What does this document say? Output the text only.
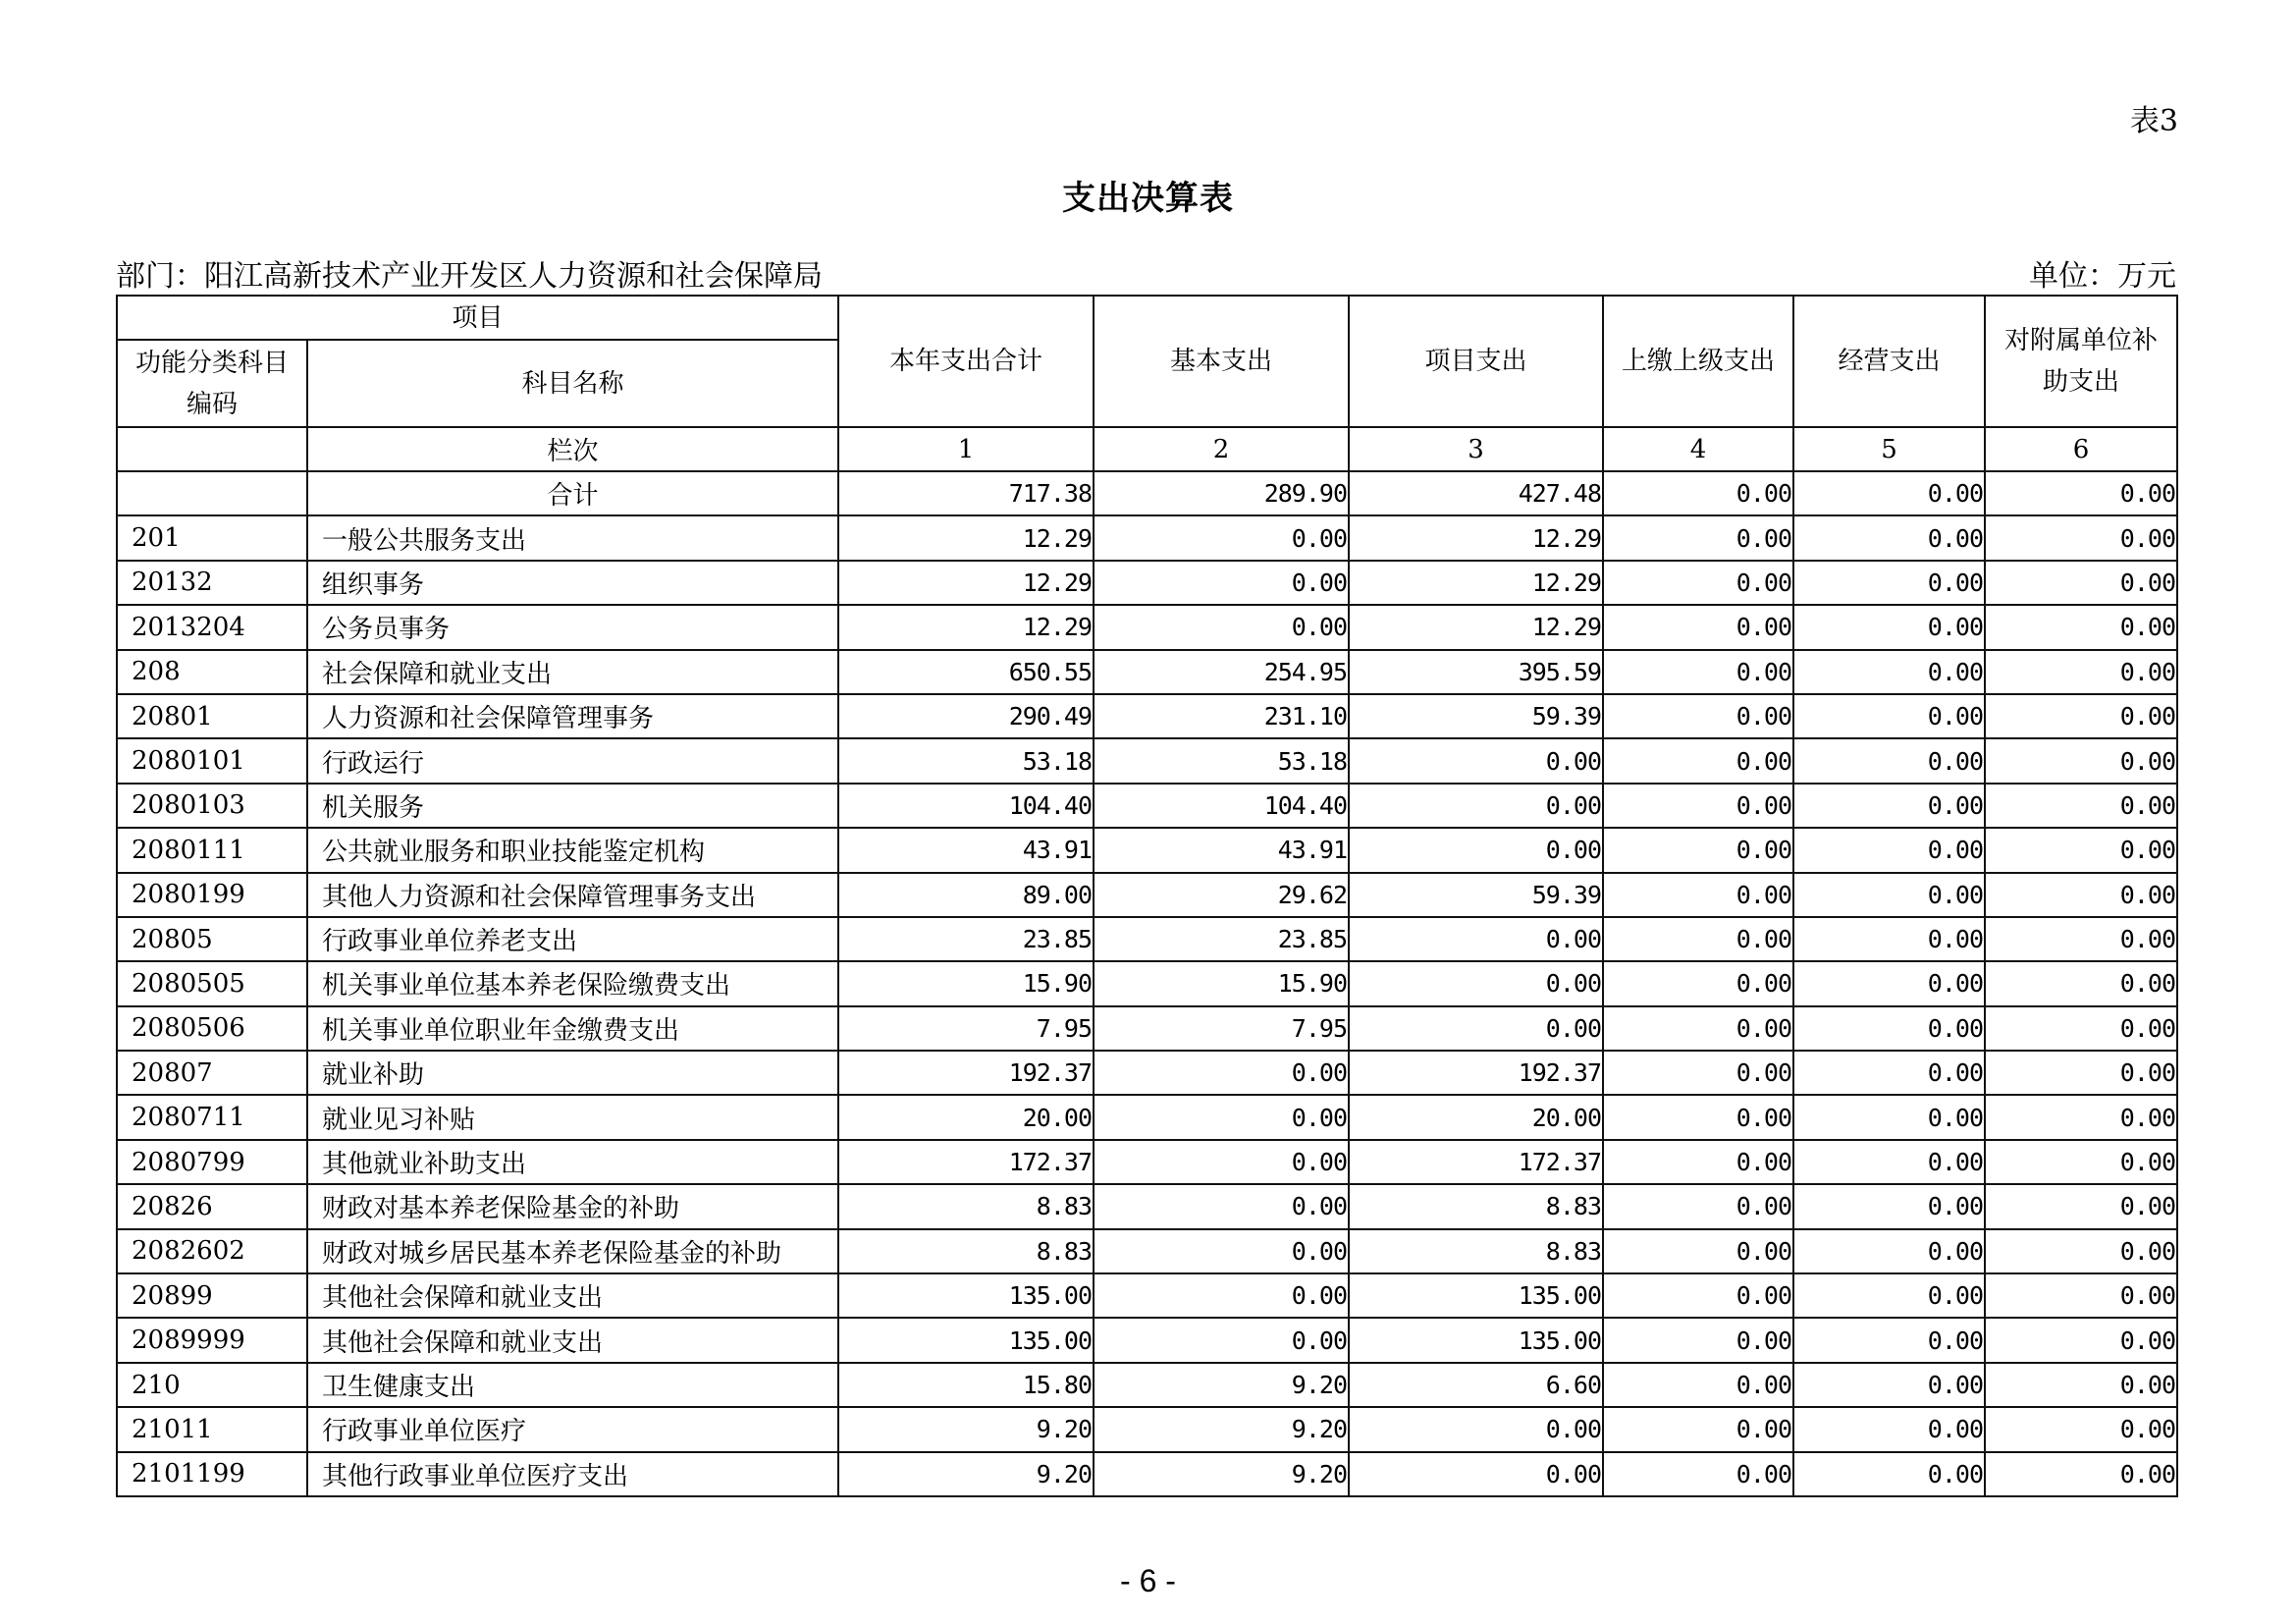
表3
支出决算表
部门：阳江高新技术产业开发区人力资源和社会保障局	单位：万元
项目		本年支出合计	基本支出	项目支出	上缴上级支出	经营支出	对附属单位补助支出
功能分类科目编码	科目名称						
	栏次	1	2	3	4	5	6
	合计	717.38	289.90	427.48	0.00	0.00	0.00
201	一般公共服务支出	12.29	0.00	12.29	0.00	0.00	0.00
20132	组织事务	12.29	0.00	12.29	0.00	0.00	0.00
2013204	公务员事务	12.29	0.00	12.29	0.00	0.00	0.00
208	社会保障和就业支出	650.55	254.95	395.59	0.00	0.00	0.00
20801	人力资源和社会保障管理事务	290.49	231.10	59.39	0.00	0.00	0.00
2080101	行政运行	53.18	53.18	0.00	0.00	0.00	0.00
2080103	机关服务	104.40	104.40	0.00	0.00	0.00	0.00
2080111	公共就业服务和职业技能鉴定机构	43.91	43.91	0.00	0.00	0.00	0.00
2080199	其他人力资源和社会保障管理事务支出	89.00	29.62	59.39	0.00	0.00	0.00
20805	行政事业单位养老支出	23.85	23.85	0.00	0.00	0.00	0.00
2080505	机关事业单位基本养老保险缴费支出	15.90	15.90	0.00	0.00	0.00	0.00
2080506	机关事业单位职业年金缴费支出	7.95	7.95	0.00	0.00	0.00	0.00
20807	就业补助	192.37	0.00	192.37	0.00	0.00	0.00
2080711	就业见习补贴	20.00	0.00	20.00	0.00	0.00	0.00
2080799	其他就业补助支出	172.37	0.00	172.37	0.00	0.00	0.00
20826	财政对基本养老保险基金的补助	8.83	0.00	8.83	0.00	0.00	0.00
2082602	财政对城乡居民基本养老保险基金的补助	8.83	0.00	8.83	0.00	0.00	0.00
20899	其他社会保障和就业支出	135.00	0.00	135.00	0.00	0.00	0.00
2089999	其他社会保障和就业支出	135.00	0.00	135.00	0.00	0.00	0.00
210	卫生健康支出	15.80	9.20	6.60	0.00	0.00	0.00
21011	行政事业单位医疗	9.20	9.20	0.00	0.00	0.00	0.00
2101199	其他行政事业单位医疗支出	9.20	9.20	0.00	0.00	0.00	0.00
- 6 -
